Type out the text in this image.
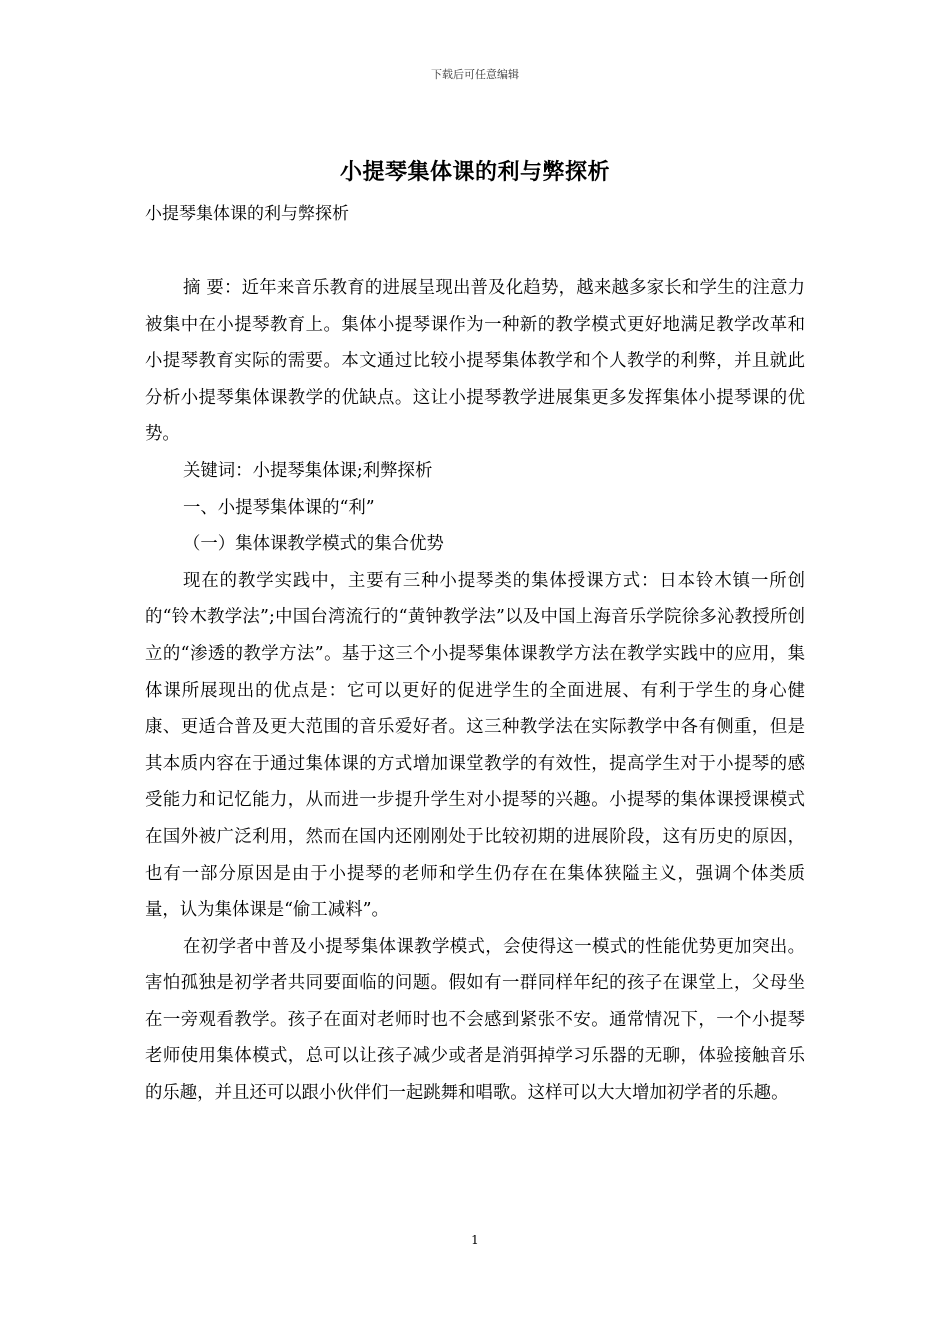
下载后可任意编辑
小提琴集体课的利与弊探析
小提琴集体课的利与弊探析

摘 要：近年来音乐教育的进展呈现出普及化趋势，越来越多家长和学生的注意力被集中在小提琴教育上。集体小提琴课作为一种新的教学模式更好地满足教学改革和小提琴教育实际的需要。本文通过比较小提琴集体教学和个人教学的利弊，并且就此分析小提琴集体课教学的优缺点。这让小提琴教学进展集更多发挥集体小提琴课的优势。

关键词：小提琴集体课;利弊探析

一、小提琴集体课的“利”

（一）集体课教学模式的集合优势

现在的教学实践中，主要有三种小提琴类的集体授课方式：日本铃木镇一所创的“铃木教学法”;中国台湾流行的“黄钟教学法”以及中国上海音乐学院徐多沁教授所创立的“渗透的教学方法”。基于这三个小提琴集体课教学方法在教学实践中的应用，集体课所展现出的优点是：它可以更好的促进学生的全面进展、有利于学生的身心健康、更适合普及更大范围的音乐爱好者。这三种教学法在实际教学中各有侧重，但是其本质内容在于通过集体课的方式增加课堂教学的有效性，提高学生对于小提琴的感受能力和记忆能力，从而进一步提升学生对小提琴的兴趣。小提琴的集体课授课模式在国外被广泛利用，然而在国内还刚刚处于比较初期的进展阶段，这有历史的原因，也有一部分原因是由于小提琴的老师和学生仍存在在集体狭隘主义，强调个体类质量，认为集体课是“偷工减料”。

在初学者中普及小提琴集体课教学模式，会使得这一模式的性能优势更加突出。害怕孤独是初学者共同要面临的问题。假如有一群同样年纪的孩子在课堂上，父母坐在一旁观看教学。孩子在面对老师时也不会感到紧张不安。通常情况下，一个小提琴老师使用集体模式，总可以让孩子减少或者是消弭掉学习乐器的无聊，体验接触音乐的乐趣，并且还可以跟小伙伴们一起跳舞和唱歌。这样可以大大增加初学者的乐趣。

1
